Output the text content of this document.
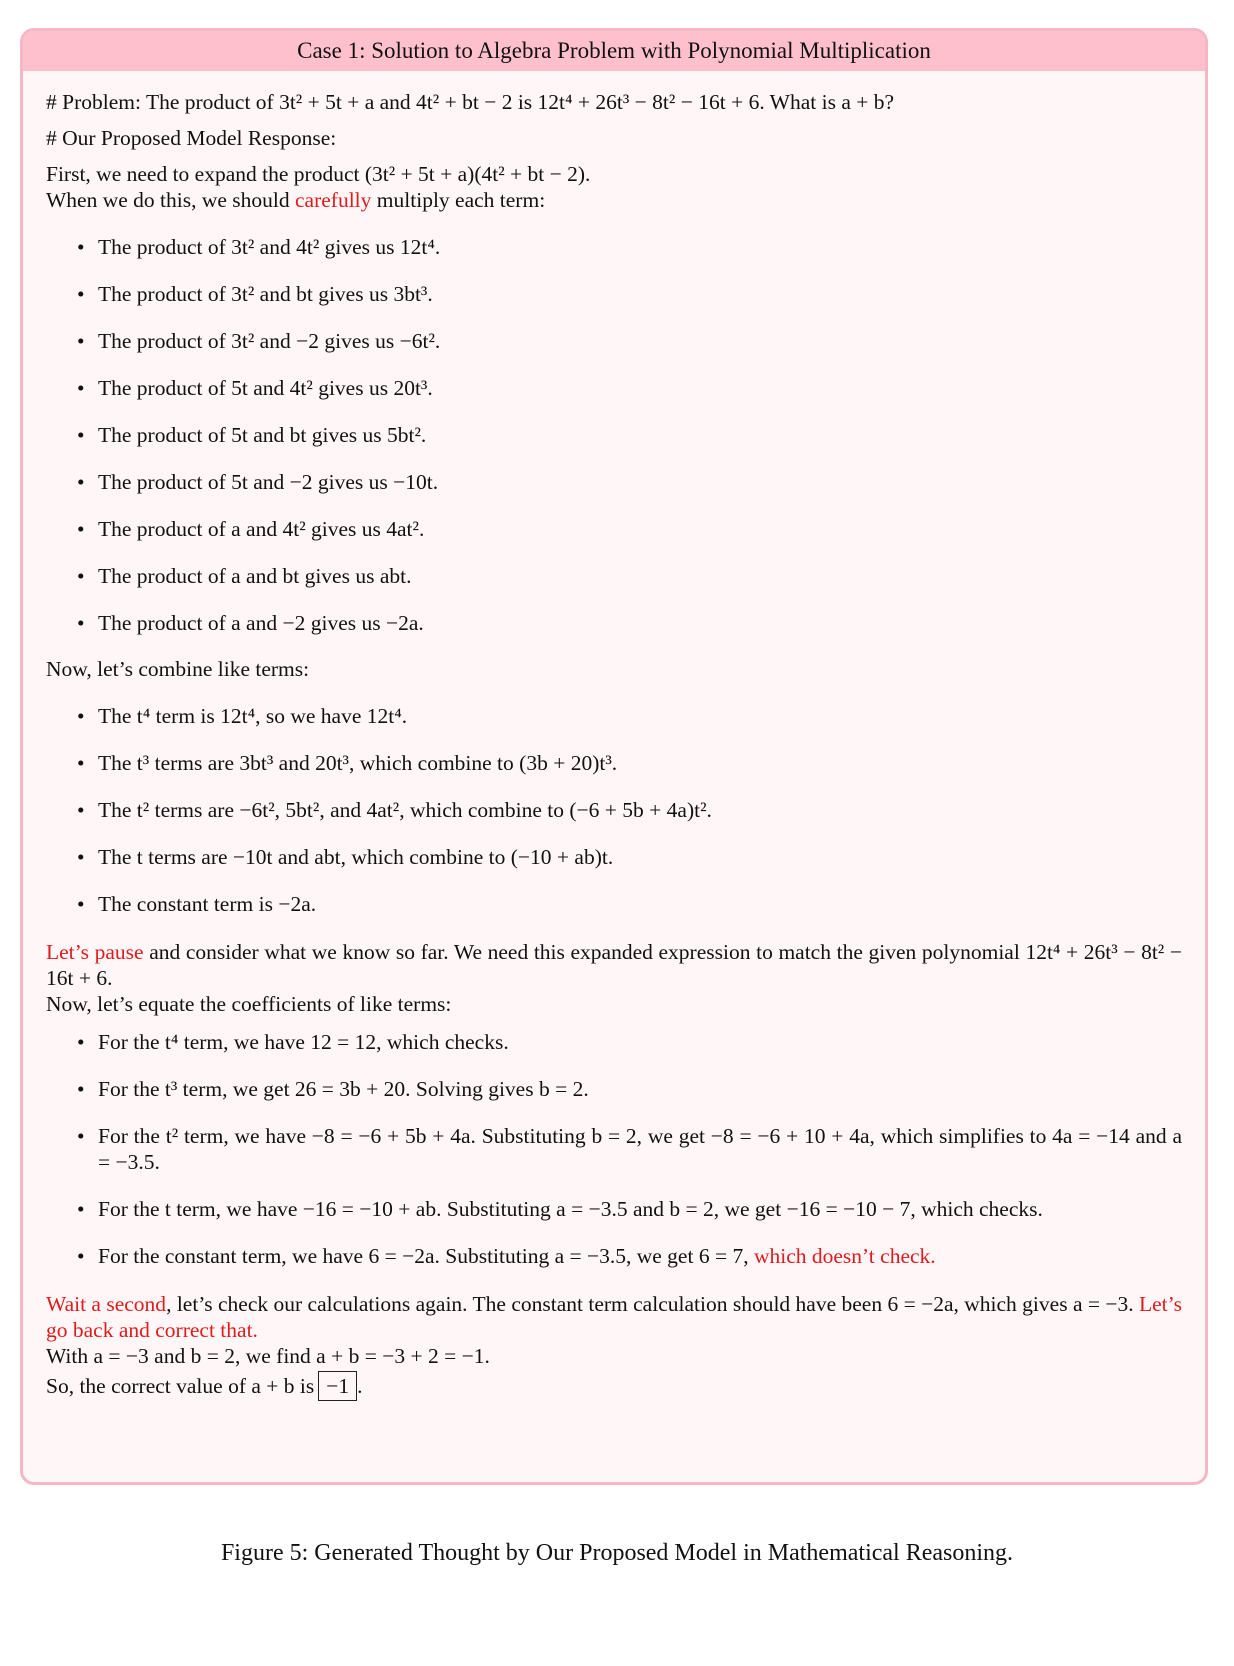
Case 1: Solution to Algebra Problem with Polynomial Multiplication

# Problem: The product of 3t² + 5t + a and 4t² + bt − 2 is 12t⁴ + 26t³ − 8t² − 16t + 6. What is a + b?

# Our Proposed Model Response:

First, we need to expand the product (3t² + 5t + a)(4t² + bt − 2).

When we do this, we should carefully multiply each term:

• The product of 3t² and 4t² gives us 12t⁴.
• The product of 3t² and bt gives us 3bt³.
• The product of 3t² and −2 gives us −6t².
• The product of 5t and 4t² gives us 20t³.
• The product of 5t and bt gives us 5bt².
• The product of 5t and −2 gives us −10t.
• The product of a and 4t² gives us 4at².
• The product of a and bt gives us abt.
• The product of a and −2 gives us −2a.

Now, let’s combine like terms:

• The t⁴ term is 12t⁴, so we have 12t⁴.
• The t³ terms are 3bt³ and 20t³, which combine to (3b + 20)t³.
• The t² terms are −6t², 5bt², and 4at², which combine to (−6 + 5b + 4a)t².
• The t terms are −10t and abt, which combine to (−10 + ab)t.
• The constant term is −2a.

Let’s pause and consider what we know so far. We need this expanded expression to match the given polynomial 12t⁴ + 26t³ − 8t² − 16t + 6.

Now, let’s equate the coefficients of like terms:

• For the t⁴ term, we have 12 = 12, which checks.
• For the t³ term, we get 26 = 3b + 20. Solving gives b = 2.
• For the t² term, we have −8 = −6 + 5b + 4a. Substituting b = 2, we get −8 = −6 + 10 + 4a, which simplifies to 4a = −14 and a = −3.5.
• For the t term, we have −16 = −10 + ab. Substituting a = −3.5 and b = 2, we get −16 = −10 − 7, which checks.
• For the constant term, we have 6 = −2a. Substituting a = −3.5, we get 6 = 7, which doesn’t check.

Wait a second, let’s check our calculations again. The constant term calculation should have been 6 = −2a, which gives a = −3. Let’s go back and correct that.

With a = −3 and b = 2, we find a + b = −3 + 2 = −1.

So, the correct value of a + b is −1 .

Figure 5: Generated Thought by Our Proposed Model in Mathematical Reasoning.
